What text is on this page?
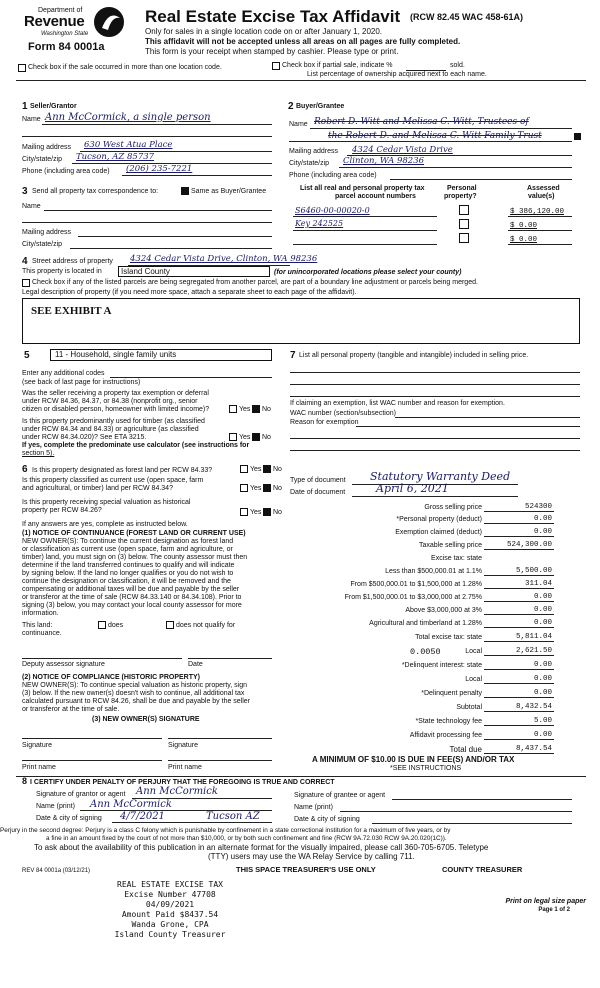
Department of
Revenue
Washington State
Form 84 0001a
Real Estate Excise Tax Affidavit (RCW 82.45 WAC 458-61A)
Only for sales in a single location code on or after January 1, 2020.
This affidavit will not be accepted unless all areas on all pages are fully completed.
This form is your receipt when stamped by cashier. Please type or print.
Check box if the sale occurred in more than one location code.	Check box if partial sale, indicate %	sold.
List percentage of ownership acquired next to each name.
1 Seller/Grantor
Name Ann McCormick, a single person
Mailing address 630 West Atua Place
City/state/zip Tucson, AZ 85737
Phone (including area code) (206) 235-7221
2 Buyer/Grantee
Name Robert D. Witt and Melissa C. Witt, Trustees of
the Robert D. and Melissa C. Witt Family Trust
Mailing address 4324 Cedar Vista Drive
City/state/zip Clinton, WA 98236
Phone (including area code)
3 Send all property tax correspondence to:	Same as Buyer/Grantee
Name
Mailing address
City/state/zip
List all real and personal property tax
parcel account numbers
Personal
property?
Assessed
value(s)
S6460-00-00020-0	$ 386,120.00
Key 242525	$ 0.00
$ 0.00
4 Street address of property 4324 Cedar Vista Drive, Clinton, WA 98236
This property is located in Island County	(for unincorporated locations please select your county)
Check box if any of the listed parcels are being segregated from another parcel, are part of a boundary line adjustment or parcels being merged.
Legal description of property (if you need more space, attach a separate sheet to each page of the affidavit).
SEE EXHIBIT A
5	11 - Household, single family units
Enter any additional codes
(see back of last page for instructions)
Was the seller receiving a property tax exemption or deferral
under RCW 84.36, 84.37, or 84.38 (nonprofit org., senior
citizen or disabled person, homeowner with limited income)?	Yes No
Is this property predominantly used for timber (as classified
under RCW 84.34 and 84.33) or agriculture (as classified
under RCW 84.34.020)? See ETA 3215.	Yes No
If yes, complete the predominate use calculator (see instructions for
section 5).
6 Is this property designated as forest land per RCW 84.33?	Yes No
Is this property classified as current use (open space, farm
and agricultural, or timber) land per RCW 84.34?	Yes No
Is this property receiving special valuation as historical
property per RCW 84.26?	Yes No
If any answers are yes, complete as instructed below.
(1) NOTICE OF CONTINUANCE (FOREST LAND OR CURRENT USE)
NEW OWNER(S): To continue the current designation as forest land
or classification as current use (open space, farm and agriculture, or
timber) land, you must sign on (3) below. The county assessor must then
determine if the land transferred continues to qualify and will indicate
by signing below. If the land no longer qualifies or you do not wish to
continue the designation or classification, it will be removed and the
compensating or additional taxes will be due and payable by the seller
or transferor at the time of sale (RCW 84.33.140 or 84.34.108). Prior to
signing (3) below, you may contact your local county assessor for more
information.
This land:	does	does not qualify for
continuance.
Deputy assessor signature	Date
(2) NOTICE OF COMPLIANCE (HISTORIC PROPERTY)
NEW OWNER(S): To continue special valuation as historic property, sign
(3) below. If the new owner(s) doesn't wish to continue, all additional tax
calculated pursuant to RCW 84.26, shall be due and payable by the seller
or transferor at the time of sale.
(3) NEW OWNER(S) SIGNATURE
Signature	Signature
Print name	Print name
7 List all personal property (tangible and intangible) included in selling price.
If claiming an exemption, list WAC number and reason for exemption.
WAC number (section/subsection)
Reason for exemption
Type of document Statutory Warranty Deed
Date of document	April 6, 2021
Gross selling price	524300
*Personal property (deduct)	0.00
Exemption claimed (deduct)	0.00
Taxable selling price	524,300.00
Excise tax: state
Less than $500,000.01 at 1.1%	5,500.00
From $500,000.01 to $1,500,000 at 1.28%	311.04
From $1,500,000.01 to $3,000,000 at 2.75%	0.00
Above $3,000,000 at 3%	0.00
Agricultural and timberland at 1.28%	0.00
Total excise tax: state	5,811.04
0.0050	Local	2,621.50
*Delinquent interest: state	0.00
Local	0.00
*Delinquent penalty	0.00
Subtotal	8,432.54
*State technology fee	5.00
Affidavit processing fee	0.00
Total due	8,437.54
A MINIMUM OF $10.00 IS DUE IN FEE(S) AND/OR TAX
*SEE INSTRUCTIONS
8 I CERTIFY UNDER PENALTY OF PERJURY THAT THE FOREGOING IS TRUE AND CORRECT
Signature of grantor or agent Ann McCormick
Name (print) Ann McCormick
Date & city of signing 4/7/2021	Tucson AZ
Signature of grantee or agent
Name (print)
Date & city of signing
Perjury in the second degree: Perjury is a class C felony which is punishable by confinement in a state correctional institution for a maximum of five years, or by
a fine in an amount fixed by the court of not more than $10,000, or by both such confinement and fine (RCW 9A.72.030 RCW 9A.20.020(1C)).
To ask about the availability of this publication in an alternate format for the visually impaired, please call 360-705-6705. Teletype
(TTY) users may use the WA Relay Service by calling 711.
REV 84 0001a (03/12/21)	THIS SPACE TREASURER'S USE ONLY	COUNTY TREASURER
REAL ESTATE EXCISE TAX
Excise Number 47708
04/09/2021
Amount Paid $8437.54
Wanda Grone, CPA
Island County Treasurer
Print on legal size paper
Page 1 of 2
